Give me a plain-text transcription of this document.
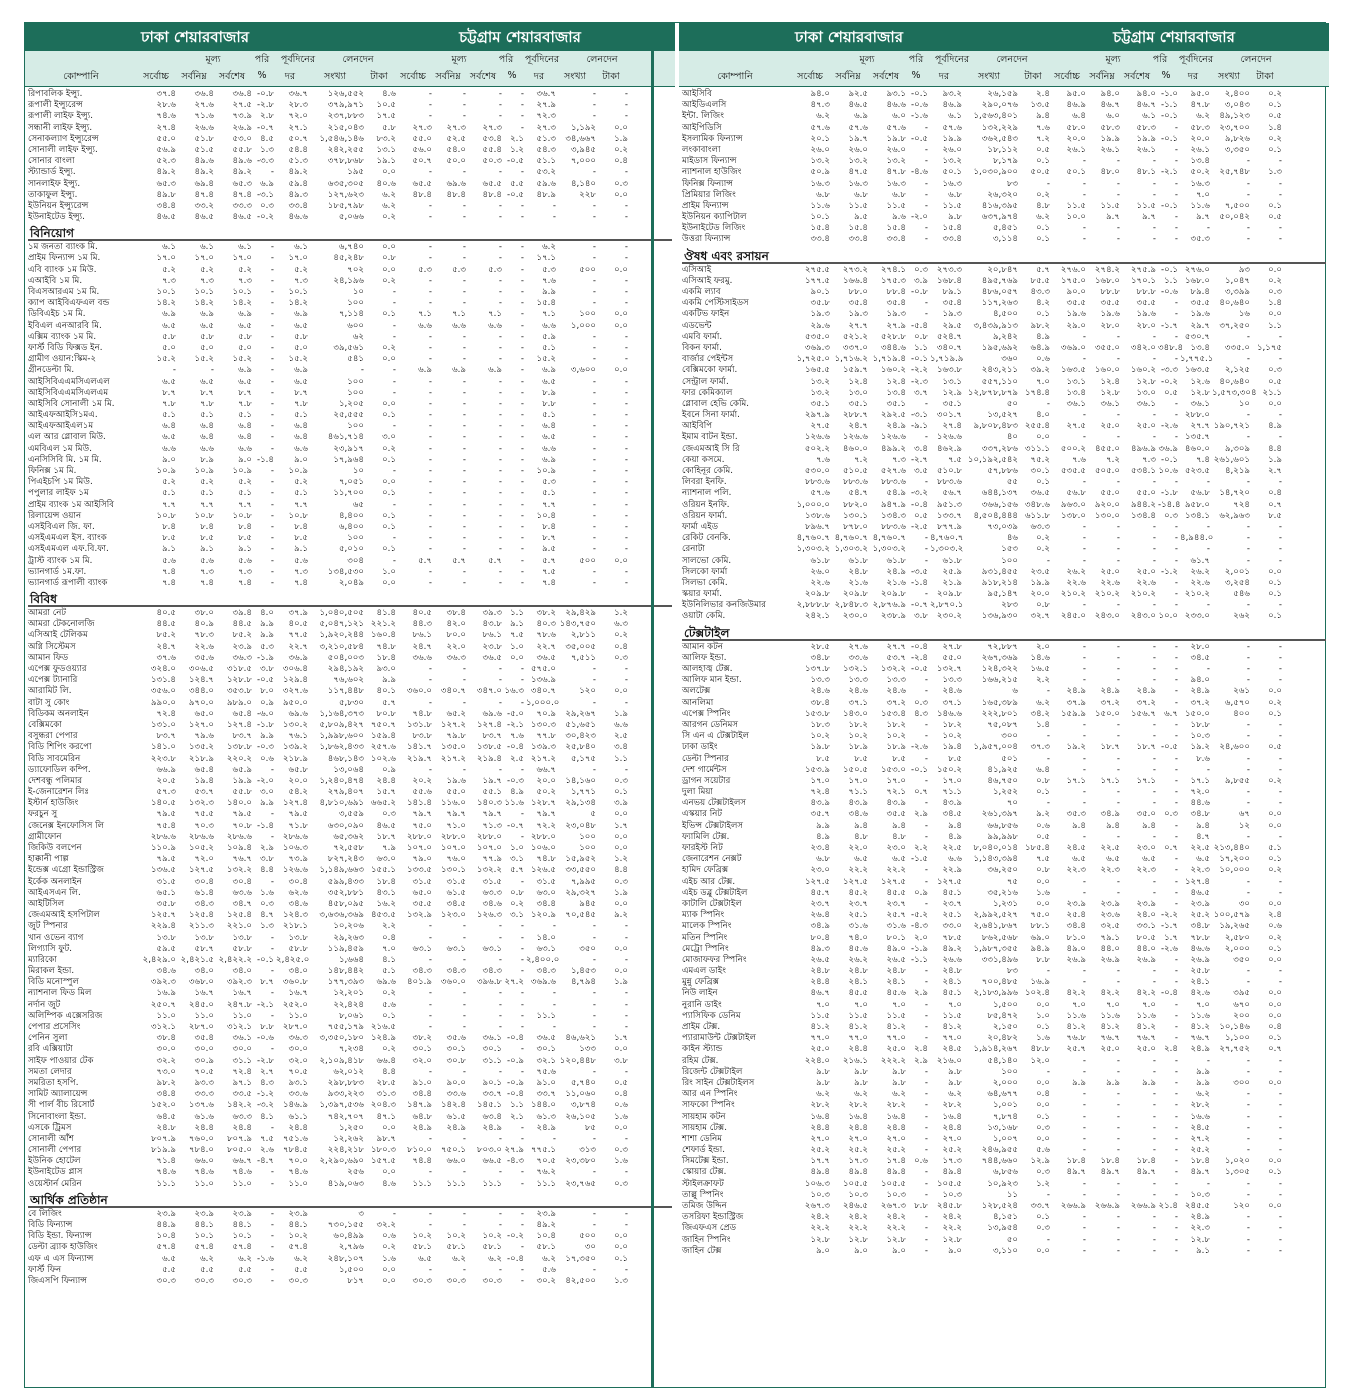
ঢাকা শেয়ারবাজার	চট্টগ্রাম শেয়ারবাজার
মূল্য	পরি	পূর্বদিনের	লেনদেন	মূল্য	পরি	পূর্বদিনের	লেনদেন
কোম্পানি	সর্বোচ্চ	সর্বনিম্ন	সর্বশেষ	%	দর	সংখ্যা	টাকা	সর্বোচ্চ	সর্বনিম্ন সর্বশেষ	%	দর	সংখ্যা	টাকা
রিপাবলিক ইন্স্যু.	৩৭.৪	৩৬.৪	৩৬.৪ -০.৮	৩৬.৭	১২৬,৫৫২	৪.৬	-	-	-	-	৩৬.৭	-	-
রূপালী ইন্স্যুরেন্স	২৮.৬	২৭.৬	২৭.৫ -২.৮	২৮.৩	৩৭৯,৯৭১	১০.৫	-	-	-	-	২৭.৯	-	-
রূপালী লাইফ ইন্স্যু.	৭৪.৬	৭১.৬	৭৩.৯ ২.৮	৭২.০	২৩৭,৮৮৩	১৭.৫	-	-	-	-	৭২.৩	-	-
সন্ধানী লাইফ ইন্স্যু.	২৭.৪	২৬.৬	২৬.৯ -০.৭	২৭.১	২১৫,০৪৩	৫.৮	২৭.৩	২৭.৩	২৭.৩	-	২৭.৩	১,১৯২	০.০
সেনাকল্যাণ ইন্স্যুরেন্স	৫৫.০	৫১.৮	৫৩.০ ৪.৫	৫০.৭	১,৫৪৬,১৪৬	৮৩.২	৫৫.০	৫২.৫	৫৩.৪ ২.১	৫১.৩	৩৪,৬৬৭	১.৯
সোনালী লাইফ ইন্স্যু.	৫৬.৯	৫১.৫	৫৫.৮ ১.৩	৫৪.৪	২৪২,২৫৫	১৩.১	৫৬.০	৫৪.০	৫৫.৪ ১.২	৫৪.৩	৩,৯৪৫	০.২
সোনার বাংলা	৫২.৩	৪৯.৬	৪৯.৬ -৩.৩	৫১.৩	৩৭৮,৮৬৮	১৯.১	৫০.৭	৫০.০	৫০.৩ -০.৫	৫১.১	৭,০০০	০.৪
স্ট্যান্ডার্ড ইন্স্যু.	৪৯.২	৪৯.২	৪৯.২	-	৪৯.২	১৯৫	০.০	-	-	-	-	৫৩.২	-	-
সানলাইফ ইন্স্যু.	৬৫.৩	৬৯.৪	৬৫.৩ ৬.৯	৫৯.৪	৬৩৫,৩০৫	৪০.৬	৬৫.৫	৬৯.৬	৬৫.৫ ৫.৫	৫৯.৬	৪,১৪০	০.৩
তাকাফুল ইন্স্যু.	৪৯.৮	৪৭.৪	৪৭.৪ -৩.১	৪৯.৩	১২৭,৬২৩	৬.২	৪৮.৪	৪৮.৪	৪৮.৪ -০.৫	৪৮.৯	২২৮	০.০
ইউনিয়ন ইন্স্যুরেন্স	৩৪.৪	৩৩.২	৩৩.৩ ০.৩	৩৩.৪	১৮৫,৭৯৮	৬.২	-	-	-	-	-	-	-
ইউনাইটেড ইন্স্যু.	৪৬.৫	৪৬.৫	৪৬.৫ -০.২	৪৬.৬	৫,০৬৬	০.২	-	-	-	-	-	-	-
বিনিয়োগ
১ম জনতা ব্যাংক মি.	৬.১	৬.১	৬.১	-	৬.১	৬,৭৪০	০.০	-	-	-	-	৬.২	-	-
প্রাইম ফিন্যান্স ১ম মি.	১৭.০	১৭.০	১৭.০	-	১৭.০	৪৫,২৪৮	০.৮	-	-	-	-	১৭.১	-	-
এবি ব্যাংক ১ম মিউ.	৫.২	৫.২	৫.২	-	৫.২	৭০২	০.০	৫.৩	৫.৩	৫.৩	-	৫.৩	৫০০	০.০
এআইবি ১ম মি.	৭.৩	৭.৩	৭.৩	-	৭.৩	২৪,১৯৬	০.২	-	-	-	-	৭.৬	-	-
বিএসআরএম ১ম মি.	১০.১	১০.১	১০.১	-	১০.১	১০	-	-	-	-	-	৯.৯	-	-
ক্যাপ আইবিএফএল বন্ড	১৪.২	১৪.২	১৪.২	-	১৪.২	১০০	-	-	-	-	-	১৫.৪	-	-
ডিবিএইচ ১ম মি.	৬.৯	৬.৯	৬.৯	-	৬.৯	৭,১১৪	০.১	৭.১	৭.১	৭.১	-	৭.১	১০০	০.০
ইবিএল এনআরবি মি.	৬.৫	৬.৫	৬.৫	-	৬.৫	৬০০	-	৬.৬	৬.৬	৬.৬	-	৬.৬	১,০০০	০.০
এক্সিম ব্যাংক ১ম মি.	৫.৮	৫.৮	৫.৮	-	৫.৮	৬২	-	-	-	-	-	৫.৯	-	-
ফার্স্ট বিডি ফিক্সড ইন.	৫.০	৫.০	৫.০	-	৫.০	৩৯,৫৬১	০.২	-	-	-	-	৫.১	-	-
গ্রামীণ ওয়ান:স্কিম-২	১৫.২	১৫.২	১৫.২	-	১৫.২	৫৪১	০.০	-	-	-	-	১৫.২	-	-
গ্রীনডেল্টা মি.	-	-	৬.৯	-	৬.৯	-	-	৬.৯	৬.৯	৬.৯	-	৬.৯	৩,৬০০	০.০
আইসিবিএএমসিএলএল	৬.৫	৬.৫	৬.৫	-	৬.৫	১০০	-	-	-	-	-	৬.৫	-	-
আইসিবিএএমসিএলএম	৮.৭	৮.৭	৮.৭	-	৮.৭	১০০	-	-	-	-	-	৮.৯	-	-
আইসিবি সোনালী ১ম মি.	৭.৮	৭.৮	৭.৮	-	৭.৮	১,২০৫	০.০	-	-	-	-	৮.৮	-	-
আইএফআইসি১মএ.	৫.১	৫.১	৫.১	-	৫.১	২৫,৫৫৫	০.১	-	-	-	-	৫.১	-	-
আইএফআইএল১ম	৬.৪	৬.৪	৬.৪	-	৬.৪	১০০	-	-	-	-	-	৬.৪	-	-
এল আর গ্লোবাল মিউ.	৬.৫	৬.৪	৬.৪	-	৬.৪	৪৬১,৭১৪	৩.০	-	-	-	-	৬.৫	-	-
এমবিএল ১ম মিউ.	৬.৬	৬.৬	৬.৬	-	৬.৬	২৩,৯১৭	০.২	-	-	-	-	৬.৬	-	-
এনসিসিবি মি. ১ম মি.	৯.০	৮.৯	৯.০ -১.৪	৯.০	১৭,৯৬৪	০.১	-	-	-	-	৬.৯	-	-
ফিনিক্স ১ম মি.	১০.৯	১০.৯	১০.৯	-	১০.৯	১০	-	-	-	-	-	১০.৯	-	-
পিএইচপি ১ম মিউ.	৫.২	৫.২	৫.২	-	৫.২	৭,০৫১	০.০	-	-	-	-	৫.৩	-	-
পপুলার লাইফ ১ম	৫.১	৫.১	৫.১	-	৫.১	১১,৭০০	০.১	-	-	-	-	৫.১	-	-
প্রাইম ব্যাংক ১ম আইসিবি	৭.৭	৭.৭	৭.৭	-	৭.৭	৬৫	-	-	-	-	-	৭.৭	-	-
রিলায়েন্স ওয়ান	১০.৮	১০.৮	১০.৮	-	১০.৮	৪,৪০০	০.১	-	-	-	-	১০.৪	-	-
এসইবিএল জি. ফা.	৮.৪	৮.৪	৮.৪	-	৮.৪	৬,৪০০	০.১	-	-	-	-	৮.৪	-	-
এসইএমএল ইস. ব্যাংক	৮.৫	৮.৫	৮.৫	-	৮.৫	১০০	-	-	-	-	-	৮.৭	-	-
এসইএমএল এফ.বি.ফা.	৯.১	৯.১	৯.১	-	৯.১	৫,০১০	০.১	-	-	-	-	৯.৫	-	-
ট্রাস্ট ব্যাংক ১ম মি.	৫.৬	৫.৬	৫.৬	-	৫.৬	৩০৪	-	৫.৭	৫.৭	৫.৭	-	৫.৭	৫০০	০.০
ভ্যানগার্ড ১ম.ফা.	৭.৪	৭.৩	৭.৩	-	৭.৩	১৩৪,৫৩০	১.০	-	-	-	-	৭.৫	-	-
ভ্যানগার্ড রূপালী ব্যাংক	৭.৪	৭.৪	৭.৪	-	৭.৪	২,০৪৯	০.০	-	-	-	-	৭.৪	-	-
বিবিধ
আমরা নেট	৪০.৫	৩৮.০	৩৯.৪ ৪.০	৩৭.৯	১,০৪০,৫০৫	৪১.৪	৪০.৫	৩৮.৪	৩৯.৩ ১.১	৩৮.২	২৯,৪২৯	১.২
আমরা টেকনোলজি	৪৪.৫	৪০.৯	৪৪.৫ ৯.৯	৪০.৫	৫,০৪৭,১২১ ২২১.২	৪৪.৩	৪২.০	৪৩.৮ ৯.১	৪০.৩ ১৪৩,৭৫০	৬.৩
এসিআই টেলিকম	৮৫.২	৭৮.৩	৮৫.২ ৯.৯	৭৭.৫	১,৯২০,২৪৪ ১৬০.৪	৮৬.১	৮০.০	৮৬.১ ৭.৫	৭৮.৬	২,৮১১	০.২
অগ্নি সিস্টেমস	২৪.৭	২২.৬	২৩.৯ ৫.৩	২২.৭	৩,২১০,৫৮৪	৭৪.৮	২৪.৭	২২.০	২৩.৮ ১.০	২২.৭	৩৫,০০৫	০.৪
আমান ফিড	৩৭.৬	৩৫.৬	৩৬.৩ -১.৯	৩৬.৯	৫০৪,০০৩	১৮.৪	৩৬.৬	৩৬.৩	৩৬.৫ ০.০	৩৬.৫	৭,৫১১	০.৩
এপেক্স ফুডওয়্যার	৩২৪.০	৩০৬.৫	৩১৮.৫ ৩.৮	৩০৬.৪	২৯৪,১৯২	৯৩.০	-	-	-	- ৫৭৫.০	-	-
এপেক্স ট্যানারি	১৩১.৪	১২৪.৭	১২৮.৮ -০.৫	১২৯.৪	৭৬,৬০২	৯.৯	-	-	-	- ১৩৬.৯	-	-
আরামিট লি.	৩৫৬.০	৩৪৪.০	৩৫৩.৮ ৮.০	৩২৭.৬	১১৭,৪৪৮	৪০.১	৩৬০.০	৩৪০.৭	৩৪৭.০ ১৬.৩ ৩৪০.৭	১২০	০.০
বাটা সু কোং	৯৯০.০	৯৭০.০	৯৮৯.০ ০.৯	৯৫০.০	৫,৮৩০	৫.৭	-	-	-	- ১,০০০.০	-	-
বিডিকম অনলাইন	৭২.৪	৬৫.০	৬৫.৪ -৬.০	৬৯.৬	১,১৬৪,৩৭৩	৮০.৮	৭৪.৮	৬৫.২	৬৯.৬ -৫.০	৭০.৯	২৯,২৬৭	১.৯
বেক্সিমকো	১৩১.০	১২৭.০	১২৭.৪ -১.৮	১৩০.২	৫,৮০৯,৪২৭ ৭৫০.৭	১৩১.৮	১২৭.২	১২৭.৪ -২.১ ১৩০.৩	৫১,৬৫১	৬.৬
বসুন্ধরা পেপার	৮৩.৭	৭৯.৬	৮৩.৭ ৯.৯	৭৬.১	১,৯৯৮,৬০০ ১৫৯.৪	৮৩.৮	৭৯.৮	৮৩.৭ ৭.৬	৭৭.৮	৩০,৪২৩	২.৫
বিডি শিপিং করপো	১৪১.০	১৩৫.২	১৩৮.৮ -০.৩	১৩৯.২	১,৮৬২,৪৩৩ ২৫৭.৬	১৪১.৭	১৩৫.০	১৩৮.৫ -০.৪ ১৩৯.৩	২৫,৮৪০	৩.৪
বিডি সাবমেরিন	২২৩.৮	২১৮.৯	২২০.২ ০.৬	২১৮.৯	৪৬৮,১৪৩ ১০২.৬	২১৯.৭	২১৭.২	২১৯.৪ ২.৫ ২১৭.২	৫,১৭৫	১.১
ড্যাফোডিল কম্পি.	৬৬.৯	৬৫.৪	৬৫.৯	-	৬৫.৮	১৩,০৬৪	০.৯	-	-	-	-	৬৬.৭	-	-
দেশবন্ধু পলিমার	২০.৫	১৯.৪	১৯.৯ -২.০	২০.০	১,২৪০,৪৭৪	২৪.৪	২০.২	১৯.৬	১৯.৭ -০.৩	২০.০	১৪,১৬০	০.৩
ই-জেনারেশন লিঃ	৫৭.৩	৫৩.৭	৫৫.৮ ৩.০	৫৪.২	২৭৯,৪০৭	১৫.৭	৫৫.৬	৫৫.০	৫৫.১ ৪.৯	৫০.২	১,৭৭১	০.১
ইস্টার্ন হাউজিং	১৪০.৫	১৩২.৩	১৪০.০ ৯.৯	১২৭.৪	৪,৮১০,৬৯১ ৬৬৫.২	১৪১.৪	১১৬.০	১৪০.৩ ১১.৬ ১২৮.৭	২৯,১৩৪	৩.৯
ফরচুন সু	৭৯.৫	৭৫.৫	৭৯.৫	-	৭৯.৫	৩,৫৫৯	০.৩	৭৯.৭	৭৯.৭	৭৯.৭	-	৭৯.৭	৫	০.০
জেনেক্স ইনফোসিস লি	৭৫.৪	৭০.৩	৭০.৮ -১.৪	৭১.৮	৬৩০,০৯০	৪৬.৫	৭৫.০	৭১.০	৭১.৩ -০.৭	৭২.২	২৩,০৪৮	১.৭
গ্রামীফোন	২৮৬.৬	২৮৬.৬	২৮৬.৬	-	২৮৬.৬	৬৫,৩৬২	১৮.৭	২৮৮.০	২৮৮.০	২৮৮.০	- ২৮৮.০	১০০	০.০
জিকিউ বলপেন	১১০.৯	১০৫.২	১০৯.৪ ২.৯	১০৬.৩	৭২,৫৫৮	৭.৯	১০৭.০	১০৭.০	১০৭.০ ১.০ ১০৬.০	১০০	০.০
হাক্কানী পাল্প	৭৯.৫	৭২.০	৭৬.৭ ৩.৮	৭৩.৯	৮২৭,২৪৩	৬৩.০	৭৯.০	৭৬.০	৭৭.৯ ৩.১	৭৪.৮	১৫,৯৫২	১.২
ইন্ডেক্স এগ্রো ইন্ডাস্ট্রিজ	১৩৬.৫	১২৭.৫	১৩২.২ ৪.৪	১২৬.৬	১,১৪৯,৬৬৩ ১৫৫.১	১৩৩.৫	১৩০.১	১৩২.২ ৫.৭ ১২৬.৫	৩৩,৫৫০	৪.৪
ইর্কেক অনলাইন	৩১.৫	৩০.৪	৩০.৪	-	৩০.৪	৫৯৯,৪৩৩	১৮.৪	৩১.৫	৩১.৫	৩১.৫	-	৩১.৫	৭,৯৯৫	০.৩
আইএসএন লি.	৬৫.১	৬১.৪	৬৩.৬ ১.৬	৬২.৬	৩৫২,৮৮১	৪৩.১	৬৫.০	৬১.৫	৬৩.৩ ০.৮	৬৩.০	২৯,৩২৭	১.৯
আইটিসিল	৩৫.৮	৩৪.৩	৩৪.৭ ০.৩	৩৪.৬	৪৫৮,০৯৫	১৬.২	৩৫.৫	৩৪.৫	৩৪.৬ ০.২	৩৪.৪	৯৪৫	০.০
জেএমআই হসপিটাল	১২৫.৭	১২৫.৪	১২৫.৪ ৪.৭	১২৪.৩	৩,৬৩৬,৩৬৯ ৪৫৩.৫	১৩২.৯	১২৩.০	১২৬.৩ ৩.১ ১২০.৯	৭০,৫৪৫	৯.২
জুট স্পিনার	২২৯.৪	২১১.৩	২২১.০ ১.৩	২১৮.১	১০,২০৬	২.২	-	-	-	-	-	-	-
খান ওভেন ব্যাগ	১৩.৮	১৩.৮	১৩.৮	-	১৩.৮	২৯,২৬৩	০.৪	-	-	-	-	১৪.০	-	-
লিগ্যাসি ফুট.	৫৯.৫	৫৮.৭	৫৮.৮	-	৫৮.৮	১১৯,৪৫৯	৭.০	৬৩.১	৬৩.১	৬৩.১	-	৬৩.১	৩৫০	০.০
ম্যারিকো	২,৪২৯.০ ২,৪২১.৫ ২,৪২২.২ -০.১ ২,৪২৫.০	১,৬৬৪	৪.১	-	-	-	- ২,৪০০.০	-	-
মিরাকল ইন্ডা.	৩৪.৬	৩৪.০	৩৪.০	-	৩৪.০	১৪৮,৪৪২	৫.১	৩৪.৩	৩৪.৩	৩৪.৩	-	৩৪.৩	১,৪৫৩	০.০
বিডি মনোস্পুল	৩৯২.৩	৩৬৮.০	৩৯২.৩ ৮.৭	৩৬০.৮	১৭৭,৩৯৩	৬৯.৬	৪০১.৯	৩৬০.০	৩৯৬.৮ ২৭.২ ৩৬৯.৬	৪,৭৯৪	১.৯
ন্যাশনাল ফিড মিল	১৬.৯	১৬.৭	১৬.৭	-	১৬.৭	১২,২০১	০.২	-	-	-	-	-	-	-
নর্দান জুট	২৫০.৭	২৪৫.০	২৪৭.৮ -২.১	২৫২.০	২২,৪২৪	৫.৬	-	-	-	-	-	-	-
অলিম্পিক এক্সেসরিজ	১১.০	১১.০	১১.০	-	১১.০	৮,০৬১	০.১	-	-	-	-	১১.১	-	-
পেপার প্রসেসিং	৩১২.১	২৮৭.০	৩১২.১ ৮.৮	২৮৭.০	৭৫৫,১৭৯ ২১৬.৫	-	-	-	-	-	-	-
পেনিন সুলা	৩৮.৪	৩৫.৪	৩৬.১ -০.৬	৩৬.৩	৩,৩৫০,১৮০ ১২৪.৯	৩৮.২	৩৫.৬	৩৬.১ -০.৪	৩৬.৫	৪৬,৬২১	১.৭
রবি এক্সিয়াটা	৩০.০	৩০.০	৩০.০	-	৩০.০	৭,২৩৪	০.২	৩০.১	৩০.১	৩০.১	-	৩০.১	১৩৩	০.০
সাইফ পাওয়ার টেক	৩২.২	৩০.৯	৩১.১ -২.৮	৩২.০	২,১০৯,৪১৮	৬৬.৪	৩২.০	৩০.৮	৩১.১ -০.৯	৩২.১ ১২০,৪৪৮	৩.৮
সমতা লেদার	৭৩.০	৭০.৫	৭২.৪ ২.৭	৭০.৫	৬২,০১২	৪.৪	-	-	-	-	৭৫.৬	-	-
সমরিতা হসপি.	৯৮.২	৯৩.৩	৯৭.১ ৪.৩	৯৩.১	২৯৮,৮৮৩	২৮.৫	৯১.০	৯০.০	৯০.১ -০.৯	৯১.০	৫,৭৪০	০.৫
সামিট অ্যালায়েন্স	৩৪.৪	৩৩.৩	৩৩.৫ -১.২	৩৩.৬	৯৩৩,২২৩	৩১.৩	৩৪.৪	৩৩.৬	৩৩.৭ -০.৪	৩৩.৭	১১,০৬০	০.৪
সী পার্ল বীচ রিসোর্ট	১৫২.০	১৩৭.৬	১৪২.২ -৩.২	১৪৬.৯	১,৩৯৭,৫৩৬ ২০৪.৩	১৪৭.৯	১৪২.৪	১৪৫.১ ১.১ ১৪৪.০	৩,৮৭৪	০.৬
সিনোবাংলা ইন্ডা.	৬৪.৫	৬১.৬	৬৩.৩ ৪.১	৬১.১	৭৪২,৭০৭	৪৭.১	৬৪.৮	৬১.৫	৬৩.৪ ২.১	৬১.৩	২৬,১০৫	১.৬
এসকে ট্রিমস	২৪.৮	২৪.৪	২৪.৪	-	২৪.৪	১,২৫০	০.০	২৪.৯	২৪.৯	২৪.৯	-	২৪.৯	৮৫	০.০
সোনালী আঁশ	৮০৭.৯	৭৬০.০	৮০৭.৯ ৭.৫	৭৫১.৬	১২,২৬২	৯৮.৭	-	-	-	-	-	-	-
সোনালী পেপার	৮১৯.৯	৭৮৪.০	৮০৫.০ ২.৬	৭৮৪.৫	২২৪,২১৮ ১৮০.৩	৮১০.০	৭৫০.১	৮০৩.০ ২৭.৯ ৭৭৫.১	৩১৩	০.৩
ইউনিক হোটেল	৭১.৪	৬৬.০	৬৬.৭ -৪.৭	৭০.০	২,২৯০,৬৯০ ১৫৭.৫	৭৪.৪	৬৬.০	৬৬.৫ -৪.৩	৭০.৫	২৩,৩৮০	১.৬
ইউনাইটেড প্লাস	৭৪.৬	৭৪.৬	৭৪.৬	-	৭৪.৬	২৫৬	০.০	-	-	-	-	৭৬.২	-	-
ওয়েস্টার্ন মেরিন	১১.১	১১.০	১১.০	-	১১.০	৪১৯,০৬৩	৪.৬	১১.১	১১.১	১১.১	-	১১.১	২৩,৭৬৫	০.৩
আর্থিক প্রতিষ্ঠান
বে লিজিং	২৩.৯	২৩.৯	২৩.৯	-	২৩.৯	৩	-	-	-	-	-	২৩.৯	-	-
বিডি ফিন্যান্স	৪৪.৯	৪৪.১	৪৪.১	-	৪৪.১	৭৩০,১৫৫	৩২.২	-	-	-	-	৪৯.২	-	-
বিডি ইন্ডা. ফিন্যান্স	১০.৪	১০.১	১০.১	-	১০.২	৬০,৪৯৯	০.৬	১০.২	১০.২	১০.২ -০.২	১০.৪	৫০০	০.০
ডেল্টা ব্র্যাক হাউজিং	৫৭.৪	৫৭.৪	৫৭.৪	-	৫৭.৪	২,৭৯৬	০.২	৫৮.১	৫৮.১	৫৮.১	-	৫৮.১	৩০	০.০
এফ এ এস ফিন্যান্স	৬.৫	৬.২	৬.২ -১.৬	৬.২	২৪৮,১০৭	১.৬	৬.৫	৬.২	৬.২ -০.৪	৬.২	১৭,৩৫০	০.১
ফার্স্ট ফিন	৫.৫	৫.৫	৫.৫	-	৫.৫	১,৫০০	০.০	-	-	-	-	৫.৬	-	-
জিএসপি ফিন্যান্স	৩০.৩	৩০.৩	৩০.৩	-	৩০.৩	৮১৭	০.০	৩০.৩	৩০.৩	৩০.৩	-	৩০.২	৪২,৫০০	১.৩
ঢাকা শেয়ারবাজার	চট্টগ্রাম শেয়ারবাজার
মূল্য	পরি	পূর্বদিনের	লেনদেন	মূল্য	পরি	পূর্বদিনের	লেনদেন
কোম্পানি	সর্বোচ্চ	সর্বনিম্ন	সর্বশেষ	%	দর	সংখ্যা	টাকা	সর্বোচ্চ	সর্বনিম্ন সর্বশেষ	%	দর	সংখ্যা	টাকা
আইসিবি	৯৪.০	৯২.৫	৯৩.১ -০.১	৯৩.২	২৬,১৫৯	২.৪	৯৫.০	৯৪.০	৯৪.০ -১.০	৯৫.০	২,৪০০	০.২
আইডিএলসি	৪৭.৩	৪৬.৫	৪৬.৬ -০.৬	৪৬.৯	২৯০,০৭৬	১৩.৫	৪৬.৯	৪৬.৭	৪৬.৭ -১.১	৪৭.৮	৩,০৪৩	০.১
ইন্টা. লিজিং	৬.২	৬.৯	৬.০ -১.৬	৬.১	১,৫৬৩,৪০১	৯.৪	৬.৪	৬.০	৬.১ -০.১	৬.২	৪৯,১২৩	০.৫
আইপিডিসি	৫৭.৬	৫৭.৬	৫৭.৬	-	৫৭.৬	১৩২,২২৯	৭.৬	৫৮.০	৫৮.৩	৫৮.৩	-	৫৮.৩	২৩,৭০০	১.৪
ইসলামিক ফিন্যান্স	২০.১	১৯.৭	১৯.৮ -০.৫	১৯.৯	৩৬২,৫৪৩	৭.২	২০.০	১৯.৯	১৯.৯ -০.১	২০.০	৯,৮২৬	০.২
লংকাবাংলা	২৬.০	২৬.০	২৬.০	-	২৬.০	১৮,১১২	০.৫	২৬.১	২৬.১	২৬.১	-	২৬.১	৩,৩৫০	০.১
মাইডাস ফিন্যান্স	১৩.২	১৩.২	১৩.২	-	১৩.২	৮,১৭৯	০.১	-	-	-	-	১৩.৪	-	-
ন্যাশনাল হাউজিং	৫০.৯	৪৭.৫	৪৭.৮ -৪.৬	৫০.১	১,০৩০,৯০০	৫০.৫	৫০.১	৪৮.০	৪৮.১ -২.১	৫০.২	২৫,৭৪৮	১.৩
ফিনিক্স ফিন্যান্স	১৬.৩	১৬.৩	১৬.৩	-	১৬.৩	৮৩	-	-	-	-	-	১৬.৩	-	-
প্রিমিয়ার লিজিং	৬.৮	৬.৮	৬.৮	-	৬.৮	২৬,৩২০	০.২	-	-	-	-	৭.০	-	-
প্রাইম ফিন্যান্স	১১.৬	১১.৫	১১.৫	-	১১.৫	৪১৬,৩৯৫	৪.৮	১১.৫	১১.৫	১১.৫ -০.১	১১.৬	৭,৫০০	০.১
ইউনিয়ন ক্যাপিটাল	১০.১	৯.৫	৯.৬ -২.০	৯.৮	৬৩৭,৯৭৪	৬.২	১০.০	৯.৭	৯.৭	-	৯.৭	৫০,০৪২	০.৫
ইউনাইটেড লিজিং	১৫.৪	১৫.৪	১৫.৪	-	১৫.৪	৫,৪৫১	০.১	-	-	-	-	-	-	-
উত্তরা ফিন্যান্স	৩৩.৪	৩৩.৪	৩৩.৪	-	৩৩.৪	৩,১১৪	০.১	-	-	-	-	৩৫.৩	-	-
ঔষধ এবং রসায়ন
এসিআই	২৭৫.৫	২৭৩.২	২৭৪.১ ০.৩	২৭৩.৩	২০,৮৪৭	৫.৭	২৭৬.০	২৭৪.২	২৭৫.৯ -০.১ ২৭৬.০	৯৩	০.০
এসিআই ফরমু.	১৭৭.৫	১৬৬.৪	১৭৫.৩ ৩.৯	১৬৮.৪	৪৯৫,৭৬৯	৮৫.৫	১৭৫.০	১৬৮.০	১৭০.১ ১.১ ১৬৮.০	১,০৪৭	০.২
একমি ল্যাব	৯০.১	৮৮.০	৮৮.৪ -০.৮	৮৯.১	৪৮৬,০৫৭	৪৩.৩	৯০.০	৮৮.৮	৮৮.৮ -০.৬	৮৯.৪	৩,৩৯৯	০.৩
একমি পেস্টিসাইডস	৩৫.৮	৩৫.৪	৩৫.৪	-	৩৫.৪	১১৭,২৬৩	৪.২	৩৫.৫	৩৫.৫	৩৫.৫	-	৩৫.৫	৪০,৬৪০	১.৪
একটিভ ফাইন	১৯.৩	১৯.৩	১৯.৩	-	১৯.৩	৪,৫০০	০.১	১৯.৬	১৯.৬	১৯.৬	-	১৯.৬	১৬	০.০
এডভেন্ট	২৯.৬	২৭.৭	২৭.৯ -৫.৪	২৯.৫	৩,৪৩৯,৯১৩	৯৮.২	২৯.০	২৮.০	২৮.০ -১.৭	২৯.৭	৩৭,২৫০	১.১
এমবি ফার্মা.	৫৩৫.০	৫২১.২	৫২৮.৮ ০.৮	৫২৪.৭	৯,২৪২	৪.৯	-	-	-	- ৫৩০.৭	-	-
বিকন ফার্মা.	৩৬৯.৩	৩৩৭.০	৩৪৪.৬ ১.১	৩৪০.৭	১৯৫,৬৯২	৬৪.৯	৩৬৯.০	৩৫৫.০	৩৪২.০ ৩৪৮.৪ ১৩.৪	৩৩৫.০ ১,১৭৫
বার্জার পেইন্টস	১,৭২৫.০ ১,৭১৬.২ ১,৭১৯.৪ -০.১ ১,৭১৯.৯	৩৬০	০.৬	-	-	-	- ১,৭৭৫.১	-	-
বেক্সিমকো ফার্মা.	১৬৫.৫	১৫৯.৭	১৬০.২ -২.২	১৬৩.৮	২৪৩,২১১	৩৯.২	১৬৩.৫	১৬০.০	১৬০.২ -৩.৩ ১৬৩.৫	২,১২৫	০.৩
সেন্ট্রাল ফার্মা.	১৩.২	১২.৪	১২.৪ -২.৩	১৩.১	৫৫৭,১১০	৭.০	১৩.১	১২.৪	১২.৮ -০.২	১২.৬	৪০,৬৪০	০.৫
ফার কেমিক্যাল	১৩.২	১৩.০	১৩.৪ ৩.৭	১২.৯ ১২,৮৭৮,৮৭৯ ১৭৪.৪	১৩.৪	১২.৮	১৩.০ ০.৫	১২.৮ ১,৫৭৩,৩০৪ ২১.১
গ্লোবাল হেভি কেমি.	৩৫.১	৩৫.১	৩৫.১	-	৩৫.১	৫০	-	৩৬.১	৩৬.১	৩৬.১	-	৩৬.১	১০	০.০
ইবনে সিনা ফার্মা.	২৯৭.৯	২৮৮.৭	২৯২.৫ -৩.১	৩০১.৭	১৩,৫২৭	৪.০	-	-	-	- ২৮৮.০	-	-
আইবিপি	২৭.৫	২৪.৭	২৪.৯ -৯.১	২৭.৪	৯,৮০৮,৪৮৩ ২৫৫.৪	২৭.৫	২৫.০	২৫.০ -২.৬	২৭.৭ ১৯০,৭২১	৪.৯
ইমাম বাটন ইন্ডা.	১২৬.৬	১২৬.৬	১২৬.৬	-	১২৬.৬	৪০	০.০	-	-	-	- ১৩৫.৭	-	-
জেএমআই সি রি	৫০২.২	৪৬০.০	৪৯৯.২ ৩.৪	৪৬২.৯	৩৩৭,২৮৬ ৩১১.১	৫০০.২	৪৫৫.০	৪৯৬.৯ ৩৬.৯ ৪৬০.০	৯,৩০৯	৪.৪
কেয়া কসমে.	৭.৬	৭.২	৭.৩ -২.৭	৭.৫ ১০,১৯২,৫৪২	৭৫.২	৭.৬	৭.২	৭.৩ -০.১	৭.৪ ২৬১,৬০১	১.৯
কোহিনূর কেমি.	৫৩০.০	৫১০.৫	৫২৭.৬ ৩.৫	৫১০.৮	৫৭,৮৮৬	৩০.১	৫৩৫.৫	৫০৫.০	৫৩৪.১ ১০.৬ ৫২৩.৫	৪,২১৯	২.৭
লিবরা ইনফি.	৮৮৩.৬	৮৮৩.৬	৮৮৩.৬	-	৮৮৩.৬	৫৫	০.১	-	-	-	-	-	-	-
ন্যাশনাল পলি.	৫৭.৬	৫৪.৭	৫৪.৯ -৩.২	৫৬.৭	৬৪৪,১৩৭	৩৬.৫	৫৬.৮	৫৫.০	৫৫.০ -১.৮	৫৬.৮	১৪,৭২০	০.৪
ওরিয়ন ইনফি.	১,০০০.০	৮৮২.০	৯৪৭.৯ -০.৪	৯৫১.৩	৩৬৬,১৫৬ ৩৪৮.৬	৯৬৩.০	৯২০.০	৯৪৪.২ -১৪.৪ ৯৫৮.০	৭২৪	০.৭
ওরিয়ন ফার্মা.	১৩৮.৬	১৩০.১	১৩৪.৩ ০.৫	১৩৩.৭	৪,৫০৪,৪৪৪ ৬১১.৮	১৩৮.০	১৩০.০	১৩৪.৪ ০.৩ ১৩৪.১	৬২,৯৬৩	৮.৫
ফার্মা এইড	৮৯৬.৭	৮৭৮.০	৮৮৩.৬ -২.৫	৮৭৭.৯	৭৩,০৩৯	৬৩.৩	-	-	-	-	-	-	-
রেকিট বেনকি.	৪,৭৬০.৭ ৪,৭৬০.৭ ৪,৭৬০.৭	- ৪,৭৬০.৭	৪৬	০.২	-	-	-	- ৪,৯৪৪.০	-	-
রেনাটা	১,৩০৩.২ ১,৩০৩.২ ১,৩০৩.২	- ১,৩০৩.২	১৫৩	০.২	-	-	-	-	-	-	-
সালভো কেমি.	৬১.৮	৬১.৮	৬১.৮	-	৬১.৮	১০০	-	-	-	-	-	৬১.৭	-	-
সিলকো ফার্মা	২৬.০	২৪.৮	২৪.৯ -৩.৫	২৫.৯	৯৩১,৪৫৫	২৩.৫	২৬.২	২৫.০	২৫.০ -১.২	২৬.২	২,০০১	০.০
সিলভা কেমি.	২২.৬	২১.৬	২১.৬ -১.৪	২১.৯	৯১৮,২১৪	১৯.৯	২২.৬	২২.৬	২২.৬	-	২২.৬	৩,২৫৪	০.১
স্কয়ার ফার্মা.	২০৯.৮	২০৯.৮	২০৯.৮	-	২০৯.৮	৯৫,১৪৭	২০.০	২১০.২	২১০.২	২১০.২	- ২১০.২	৫৪৬	০.১
ইউনিলিভার কনজিউমার	২,৮৮৮.৮ ২,৮৪৮.৩ ২,৮৭৬.৯ -০.৭ ২,৮৭০.১	২৮৩	০.৮	-	-	-	-	-	-	-
ওয়াটা কেমি.	২৪২.১	২৩০.০	২৩৮.৯ ৩.৮	২৩০.২	১৩৬,৯৩০	৩২.৭	২৪৫.০	২৪৩.০	২৪৩.০ ১০.০ ২৩৩.০	২৬২	০.১
টেক্সটাইল
আমান কটন	২৮.৫	২৭.৬	২৭.৭ -০.৪	২৭.৮	৭২,৮৮৭	২.০	-	-	-	-	২৮.০	-	-
আলিফ ইন্ডা.	৩৪.৮	৩৩.৬	৫৩.৭ -২.৪	৫৫.০	২৬৭,৩৬৯	১৪.৬	-	-	-	-	৩৪.৫	-	-
আলহাজ্ব টেক্স.	১৩৭.৮	১৩২.১	১৩২.২ -০.৫	১৩২.৭	১২৪,৩২২	১৬.৫	-	-	-	-	-	-	-
আলিফ মান ইন্ডা.	১৩.৩	১৩.৩	১৩.৩	-	১৩.৩	১৬৬,২১৫	২.২	-	-	-	-	৯৪.০	-	-
অলটেক্স	২৪.৬	২৪.৬	২৪.৬	-	২৪.৬	৬	-	২৪.৯	২৪.৯	২৪.৯	-	২৪.৯	২৬১	০.০
আনলিমা	৩৮.৪	৩৭.১	৩৭.২ ০.৩	৩৭.১	১৬৫,৩৮৯	৬.২	৩৭.৯	৩৭.২	৩৭.২	-	৩৭.২	৬,৫৭০	০.২
এপেক্স স্পিনিং	১৫৩.৮	১৪৩.০	১৫৩.৪ ৪.৩	১৪৬.৬	২২২,৮০১	৩৪.২	১৫৯.৯	১৫০.০	১৫৬.৭ ৬.৭ ১৫০.০	৪০০	০.১
আরগন ডেনিমস	১৮.৩	১৮.২	১৮.২	-	১৮.২	৭৫,০৮৭	১.৪	-	-	-	-	১৮.৮	-	-
সি এন এ টেক্সটাইল	১০.২	১০.২	১০.২	-	১০.২	৩০০	-	-	-	-	-	১০.৩	-	-
ঢাকা ডাইং	১৯.৮	১৮.৯	১৮.৯ -২.৬	১৯.৪	১,৯৫৭,০০৪	৩৭.৩	১৯.২	১৮.৭	১৮.৭ -০.৫	১৯.২	২৪,৬০০	০.৫
ডেল্টা স্পিনার	৮.৫	৮.৫	৮.৫	-	৮.৫	৫০১	-	-	-	-	-	৮.৬	-	-
দেশ গার্মেন্টস	১৫৩.৯	১৫০.৫	১৫৩.০ -০.১	১৫০.২	৪১,৯২৫	৬.৪	-	-	-	-	-	-	-
ড্রাগন সয়েটার	১৭.০	১৭.০	১৭.০	-	১৭.০	৪৬,৭৫০	০.৮	১৭.১	১৭.১	১৭.১	-	১৭.১	৯,৮৫৫	০.২
দুলা মিয়া	৭২.৪	৭১.১	৭২.১ ০.৭	৭১.১	১,২৫২	০.১	-	-	-	-	৭২.০	-	-
এনভয় টেক্সটাইলস	৪৩.৯	৪৩.৯	৪৩.৯	-	৪৩.৯	৭০	-	-	-	-	-	৪৪.৬	-	-
এস্কয়ার নিট	৩৫.৭	৩৪.৬	৩৫.৫ ২.৯	৩৪.৫	২৬১,৩৯৭	৯.২	৩৫.৩	৩৪.৯	৩৫.০ ০.৩	৩৪.৮	৬৭	০.০
ইভিন্স টেক্সটাইলস	৯.৯	৯.৪	৯.৪	-	৯.৪	৬৬,৮৫৬	০.৬	৯.৪	৯.৪	৯.৪	-	৯.৪	১২	০.০
ফ্যামিলি টেক্স.	৪.৯	৪.৮	৪.৮	-	৪.৯	৯৯,৯৯৮	০.৫	-	-	-	-	৪.৭	-	-
ফারইস্ট নিট	২৩.৪	২২.০	২৩.০ ২.২	২২.৫	৮,০৪০,০১৪ ১৮৫.৪	২৪.৫	২২.৫	২৩.০ ০.৭	২২.৫ ২১৩,৪৪০	৫.১
জেনারেশন নেক্সট	৬.৮	৬.৫	৬.৫ -১.৫	৬.৬	১,১৪৩,৩৯৪	৭.৫	৬.৫	৬.৫	৬.৫	-	৬.৫	১৭,২০০	০.১
হামিদ ফেব্রিক্স	২৩.০	২২.২	২২.২	-	২২.৯	৩৬,২৫০	০.৮	২২.৩	২২.৩	২২.৩	-	২২.৩	১০,০০০	০.২
এইচ আর টেক্স.	১২৭.৫	১২৭.৫	১২৭.৫	-	১২৭.৫	৭৫	০.০	-	-	-	- ১২৭.৪	-	-
এইচ ডব্লু টেক্সটাইল	৪৫.৭	৪৫.২	৪৫.৫ ০.৯	৪৫.১	৩৫,২১৬	১.৬	-	-	-	-	৪৬.৫	-	-
কাটালি টেক্সটাইল	২৩.৭	২৩.৭	২৩.৭	-	২৩.৭	১,২৩১	০.০	২৩.৯	২৩.৯	২৩.৯	-	২৩.৯	৩০	০.০
ম্যাক স্পিনিং	২৬.৪	২৫.১	২৫.৭ -৫.২	২৫.১	২,৯৯২,৫২৭	৭৫.০	২৫.৪	২৩.৬	২৪.০ -২.২	২৫.২ ১০০,৫৭৯	২.৪
মালেক স্পিনিং	৩৪.৯	৩১.৬	৩১.৬ -৪.৩	৩৩.০	২,৬৪১,৮৬৭	৮৮.১	৩৪.৪	৩২.৫	৩৩.১ -১.৭	৩৪.৮	১৯,২৬৫	০.৬
মতিন স্পিনিং	৮০.৪	৭৪.০	৮০.১ ২.০	৭৮.৫	৮৬২,৫৬৮	৬৯.০	৮১.০	৭৯.১	৮০.৫ ১.৭	৭৮.৮	২,৫৮০	০.২
মেট্রো স্পিনিং	৪৯.৩	৪৫.৬	৪৯.০ -১.৯	৪৯.২	১,৯৮৭,৩৫৫	৯৪.৯	৪৯.০	৪৪.০	৪৪.০ -২.৬	৪৬.৬	২,০০০	০.১
মোজাফফর স্পিনিং	২৬.৫	২৬.২	২৬.৫ -১.১	২৬.৬	৩৩১,৪৯৬	৮.৮	২৬.৯	২৬.৯	২৬.৯	-	২৬.৯	৩৫০	০.০
এমএল ডাইং	২৪.৮	২৪.৮	২৪.৮	-	২৪.৮	৮৩	-	-	-	-	-	২৫.৮	-	-
মুন্নু ফেব্রিক্স	২৪.৪	২৪.১	২৪.১	-	২৪.১	৭০০,৪৮৫	১৬.৯	-	-	-	-	২৪.১	-	-
নিউ লাইন	৪৬.৭	৪৫.৫	৪৫.৬ ২.৯	৪৫.১	২,১৮৩,৯৯৬ ১০২.৪	৪২.২	৪২.২	৪২.২ -০.৪	৪২.৬	৩৯৫	০.০
নুরানি ডাইং	৭.০	৭.০	৭.০	-	৭.০	১,৫০০	০.০	৭.০	৭.০	৭.০	-	৭.০	৬৭০	০.০
প্যাসিফিক ডেনিম	১১.৫	১১.৫	১১.৫	-	১১.৫	৮৫,৪৭২	১.০	১১.৬	১১.৬	১১.৬	-	১১.৬	২০০	০.০
প্রাইম টেক্স.	৪১.২	৪১.২	৪১.২	-	৪১.২	২,১৫০	০.১	৪১.২	৪১.২	৪১.২	-	৪১.২	১০,১৪৬	০.৪
প্যারামাউন্ট টেক্সটাইল	৭৭.০	৭৭.০	৭৭.০	-	৭৭.০	২০,৪৮২	১.৬	৭৬.৮	৭৬.৭	৭৬.৭	-	৭৬.৭	১,১০০	০.১
কাইন স্ট্যান্ড	২৫.০	২৪.৪	২৫.০ ২.৪	২৪.৫	১,৯১৪,২৬৭	৪৮.৮	২৫.৭	২৫.০	২৫.০ ২.৪	২৪.৯	২৭,৭৫২	০.৭
রহিম টেক্স.	২২৪.০	২১৬.১	২২২.২ ২.৯	২১৬.০	৫৪,১৪০	১২.০	-	-	-	-	-	-	-
রিজেন্ট টেক্সটাইল	৯.৮	৯.৮	৯.৮	-	৯.৮	১০০	-	-	-	-	-	৯.৯	-	-
রিং সাইন টেক্সটাইলস	৯.৮	৯.৮	৯.৮	-	৯.৮	২,০০০	০.০	৯.৯	৯.৯	৯.৯	-	৯.৯	৩০০	০.০
আর এন স্পিনিং	৬.২	৬.২	৬.২	-	৬.২	৬৪,৬৭৭	০.৪	-	-	-	-	৬.২	-	-
সাফকো স্পিনিং	২৮.২	২৮.২	২৮.২	-	২৮.২	১,০০১	০.০	-	-	-	-	২৮.২	-	-
সায়হাম কটন	১৬.৪	১৬.৪	১৬.৪	-	১৬.৪	৭,৮৭৪	০.১	-	-	-	-	১৬.৬	-	-
সায়হাম টেক্স.	২৪.৪	২৪.৪	২৪.৪	-	২৪.৪	১৩,১৬৮	০.৩	-	-	-	-	২৪.৫	-	-
শাশা ডেনিম	২৭.০	২৭.০	২৭.০	-	২৭.০	১,০০৭	০.০	-	-	-	-	২৭.২	-	-
শেফার্ড ইন্ডা.	২৫.২	২৫.২	২৫.২	-	২৫.২	২৪৬,৯৫৫	৫.৬	-	-	-	-	২৫.২	-	-
সিমটেক্স ইন্ডা.	১৭.৭	১৭.৩	১৭.৪ ০.৬	১৭.৩	৭৪৪,৬৬০	১২.৯	১৮.৪	১৮.৪	১৮.৪	-	১৮.৪	১,০২০	০.০
স্কোয়ার টেক্স.	৪৯.৪	৪৯.৪	৪৯.৪	-	৪৯.৪	৬,৮৫৬	০.৩	৪৯.৭	৪৯.৭	৪৯.৭	-	৪৯.৭	১,৩০৫	০.১
স্টাইলক্রাফট	১০৬.৩	১০৫.৫	১০৫.৫	-	১০৫.৫	১০,৯২৩	১.২	-	-	-	-	-	-	-
তাল্লু স্পিনিং	১০.৩	১০.৩	১০.৩	-	১০.৩	১১	-	-	-	-	-	১০.৩	-	-
তমিজ উদ্দিন	২৬৭.৩	২৪৬.৫	২৬৭.৩ ৮.৮	২৪৫.৮	১২৮,৫২৪	৩৩.৭	২৬৬.৯	২৬৬.৯	২৬৬.৯ ২১.৪ ২৪৫.৫	১২০	০.০
তসরিফা ইন্ডাস্ট্রিজ	২৪.২	২৪.২	২৪.২	-	২৪.২	৪,১৫১	০.১	-	-	-	-	২৪.৯	-	-
জিএফএস প্রেড	২২.২	২২.২	২২.২	-	২২.২	১৩,৯৫৪	০.৩	-	-	-	-	২২.৩	-	-
জাহিন স্পিনিং	১২.৮	১২.৮	১২.৮	-	১২.৮	৫০	-	-	-	-	-	১২.৮	-	-
জাহিন টেক্স	৯.০	৯.০	৯.০	-	৯.০	৩,১১০	০.০	-	-	-	-	৯.১	-	-
